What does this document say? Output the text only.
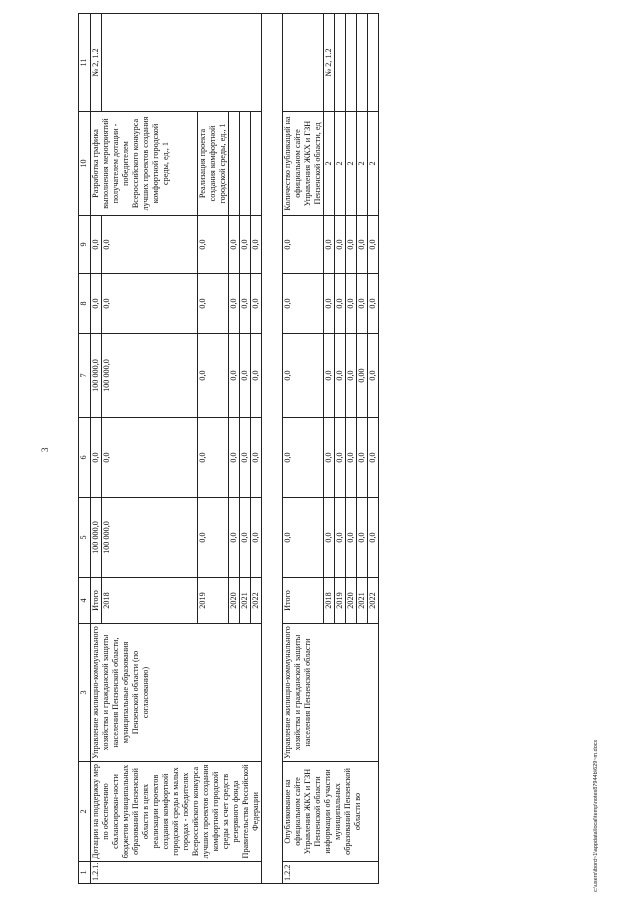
3
1	2	3	4	5	6	7	8	9	10	11
1.2.1.	Дотации на поддержку мер по обеспечению сбалансирован-ности бюджетов муниципальных образований Пензенской области в целях реализации проектов создания комфортной городской среды в малых городах - победителях Всероссийского конкурса лучших проектов создания комфортной городской среды за счет средств резервного фонда Правительства Российской Федерации	Управление жилищно-коммунального хозяйства и гражданской защиты населения Пензенской области, муниципальные образования Пензенской области (по согласованию)	Итого	100 000,0	0,0	100 000,0	0,0	0,0	Разработка графика выполнения мероприятий получателем дотации - победителем Всероссийского конкурса лучших проектов создания комфортной городской среды, ед., 1	№ 2, 1.2
			2018	100 000,0	0,0	100 000,0	0,0	0,0		
			2019	0,0	0,0	0,0	0,0	0,0	Реализация проекта создания комфортной городской среды, ед., 1	
			2020	0,0	0,0	0,0	0,0	0,0		
			2021	0,0	0,0	0,0	0,0	0,0		
			2022	0,0	0,0	0,0	0,0	0,0		

1.2.2	Опубликование на официальном сайте Управления ЖКХ и ГЗН Пензенской области информации об участии муниципальных образований Пензенской области во	Управление жилищно-коммунального хозяйства и гражданской защиты населения Пензенской области	Итого	0,0	0,0	0,0	0,0	0,0	Количество публикаций на официальном сайте Управления ЖКХ и ГЗН Пензенской области, ед	
			2018	0,0	0,0	0,0	0,0	0,0	2	№ 2, 1.2
			2019	0,0	0,0	0,0	0,0	0,0	2	
			2020	0,0	0,0	0,0	0,0	0,0	2	
			2021	0,0	0,0	0,00	0,0	0,0	2	
			2022	0,0	0,0	0,0	0,0	0,0	2	
c:\users\ibord~1\appdata\local\temp\notes87944b\629~m.docx
